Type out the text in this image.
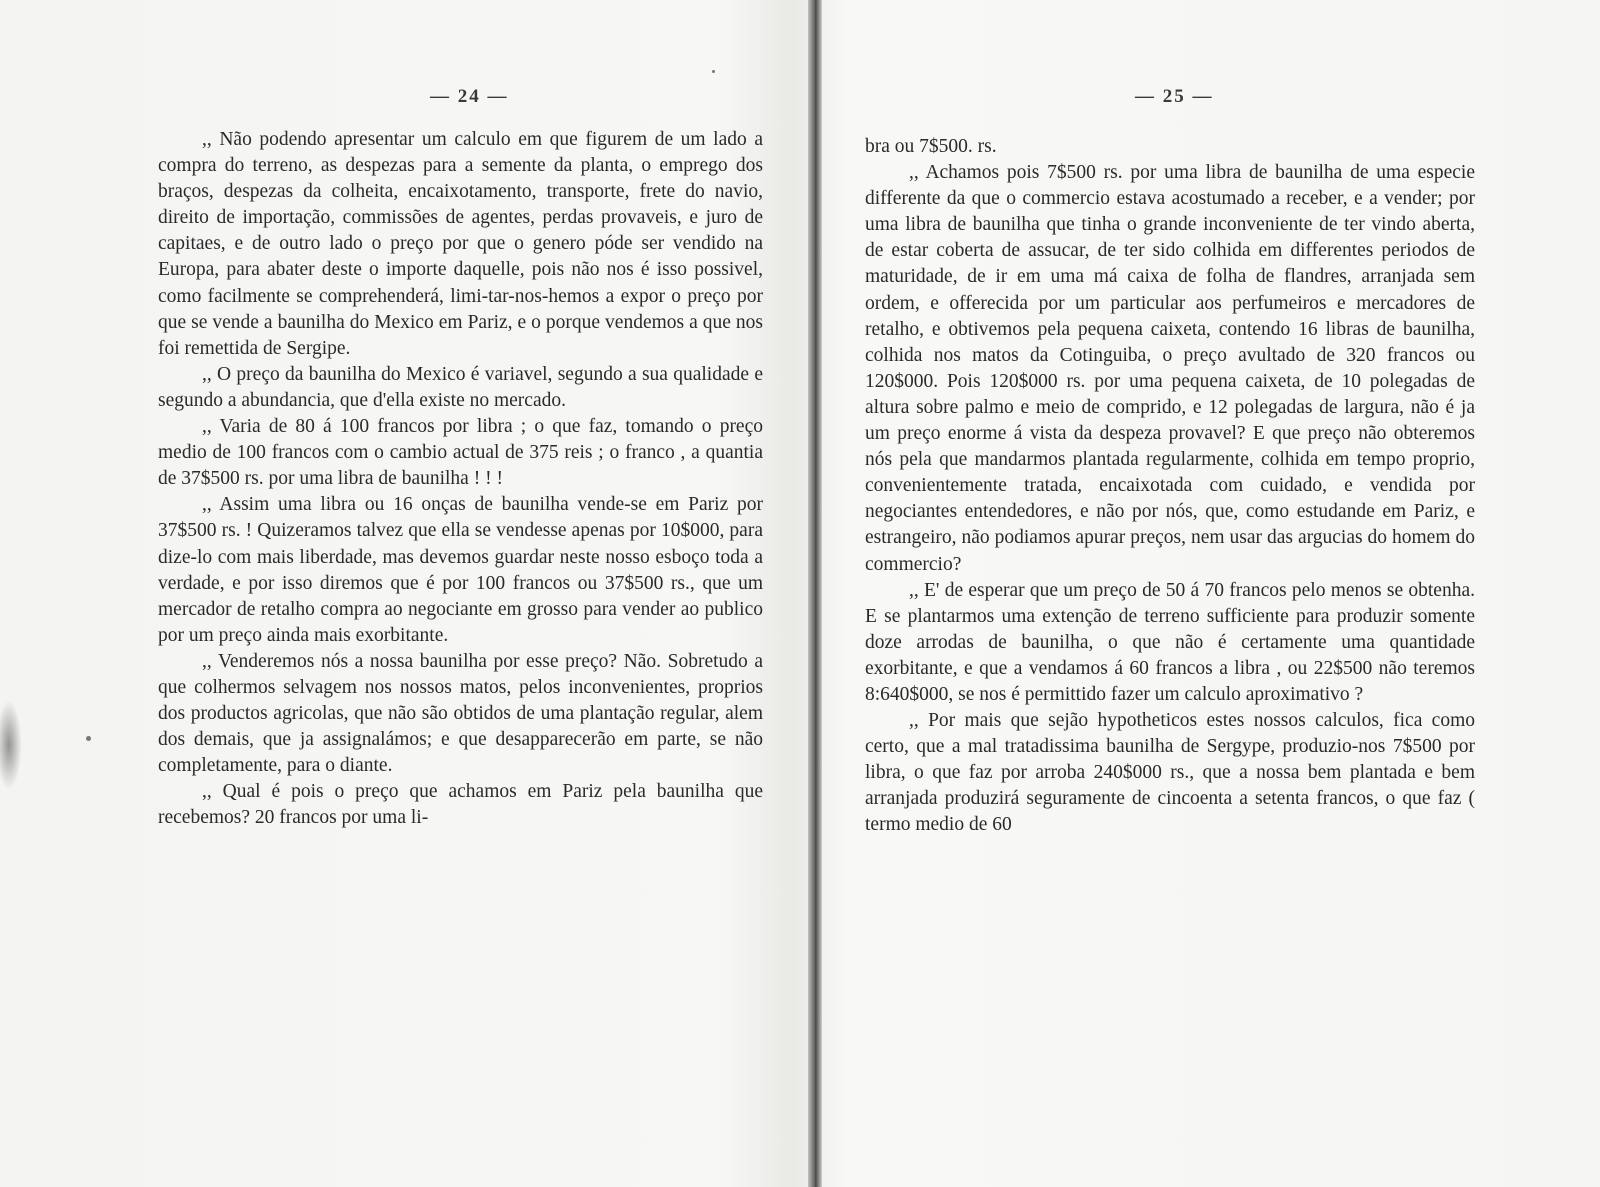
— 24 —

,, Não podendo apresentar um calculo em que figurem de um lado a compra do terreno, as despezas para a semente da planta, o emprego dos braços, despezas da colheita, encaixotamento, transporte, frete do navio, direito de importação, commissões de agentes, perdas provaveis, e juro de capitaes, e de outro lado o preço por que o genero póde ser vendido na Europa, para abater deste o importe daquelle, pois não nos é isso possivel, como facilmente se comprehenderá, limi-tar-nos-hemos a expor o preço por que se vende a baunilha do Mexico em Pariz, e o porque vendemos a que nos foi remettida de Sergipe.

,, O preço da baunilha do Mexico é variavel, segundo a sua qualidade e segundo a abundancia, que d'ella existe no mercado.

,, Varia de 80 á 100 francos por libra ; o que faz, tomando o preço medio de 100 francos com o cambio actual de 375 reis ; o franco , a quantia de 37$500 rs. por uma libra de baunilha ! ! !

,, Assim uma libra ou 16 onças de baunilha vende-se em Pariz por 37$500 rs. ! Quizeramos talvez que ella se vendesse apenas por 10$000, para dize-lo com mais liberdade, mas devemos guardar neste nosso esboço toda a verdade, e por isso diremos que é por 100 francos ou 37$500 rs., que um mercador de retalho compra ao negociante em grosso para vender ao publico por um preço ainda mais exorbitante.

,, Venderemos nós a nossa baunilha por esse preço? Não. Sobretudo a que colhermos selvagem nos nossos matos, pelos inconvenientes, proprios dos productos agricolas, que não são obtidos de uma plantação regular, alem dos demais, que ja assignalámos; e que desapparecerão em parte, se não completamente, para o diante.

,, Qual é pois o preço que achamos em Pariz pela baunilha que recebemos? 20 francos por uma li-

— 25 —

bra ou 7$500. rs.

,, Achamos pois 7$500 rs. por uma libra de baunilha de uma especie differente da que o commercio estava acostumado a receber, e a vender; por uma libra de baunilha que tinha o grande inconveniente de ter vindo aberta, de estar coberta de assucar, de ter sido colhida em differentes periodos de maturidade, de ir em uma má caixa de folha de flandres, arranjada sem ordem, e offerecida por um particular aos perfumeiros e mercadores de retalho, e obtivemos pela pequena caixeta, contendo 16 libras de baunilha, colhida nos matos da Cotinguiba, o preço avultado de 320 francos ou 120$000. Pois 120$000 rs. por uma pequena caixeta, de 10 polegadas de altura sobre palmo e meio de comprido, e 12 polegadas de largura, não é ja um preço enorme á vista da despeza provavel? E que preço não obteremos nós pela que mandarmos plantada regularmente, colhida em tempo proprio, convenientemente tratada, encaixotada com cuidado, e vendida por negociantes entendedores, e não por nós, que, como estudande em Pariz, e estrangeiro, não podiamos apurar preços, nem usar das argucias do homem do commercio?

,, E' de esperar que um preço de 50 á 70 francos pelo menos se obtenha. E se plantarmos uma extenção de terreno sufficiente para produzir somente doze arrodas de baunilha, o que não é certamente uma quantidade exorbitante, e que a vendamos á 60 francos a libra , ou 22$500 não teremos 8:640$000, se nos é permittido fazer um calculo aproximativo ?

,, Por mais que sejão hypotheticos estes nossos calculos, fica como certo, que a mal tratadissima baunilha de Sergype, produzio-nos 7$500 por libra, o que faz por arroba 240$000 rs., que a nossa bem plantada e bem arranjada produzirá seguramente de cincoenta a setenta francos, o que faz ( termo medio de 60
